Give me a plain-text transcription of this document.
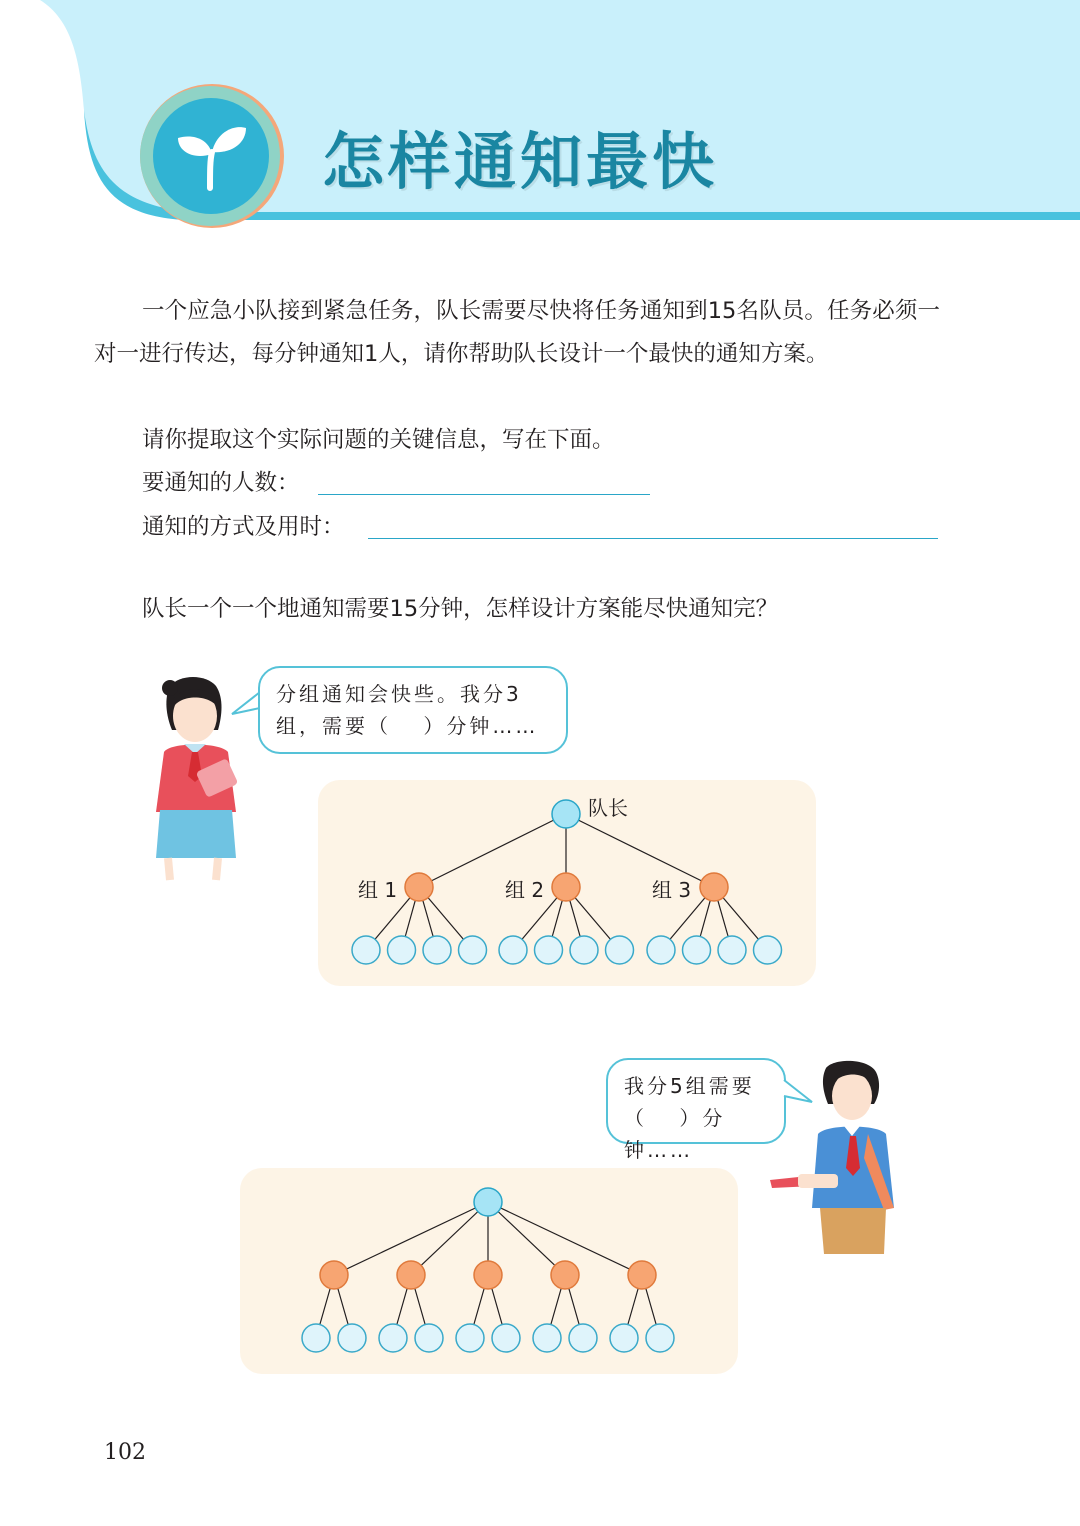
怎样通知最快
一个应急小队接到紧急任务，队长需要尽快将任务通知到15名队员。任务必须一对一进行传达，每分钟通知1人，请你帮助队长设计一个最快的通知方案。
请你提取这个实际问题的关键信息，写在下面。
要通知的人数：
通知的方式及用时：
队长一个一个地通知需要15分钟，怎样设计方案能尽快通知完？
分组通知会快些。我分3
组，需要（　 ）分钟……
队长
组 1	组 2	组 3
我分5组需要
（　 ）分钟……
102
